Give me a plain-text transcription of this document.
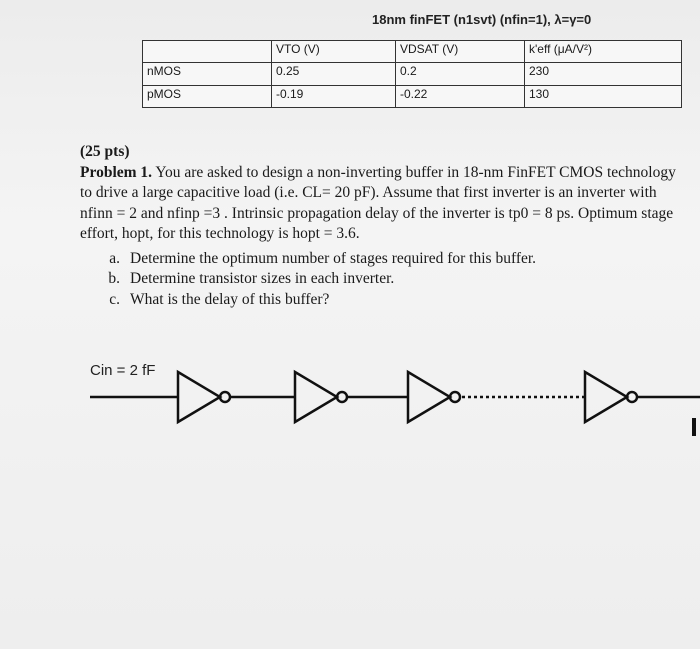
18nm finFET (n1svt) (nfin=1), λ=γ=0
	VTO (V)	VDSAT (V)	k'eff (μA/V²)
nMOS	0.25	0.2	230
pMOS	-0.19	-0.22	130
(25 pts)

Problem 1. You are asked to design a non-inverting buffer in 18-nm FinFET CMOS technology to drive a large capacitive load (i.e. CL= 20 pF). Assume that first inverter is an inverter with nfinn = 2 and nfinp =3 . Intrinsic propagation delay of the inverter is tp0 = 8 ps. Optimum stage effort, hopt, for this technology is hopt = 3.6.

a. Determine the optimum number of stages required for this buffer.
b. Determine transistor sizes in each inverter.
c. What is the delay of this buffer?
Cin = 2 fF
